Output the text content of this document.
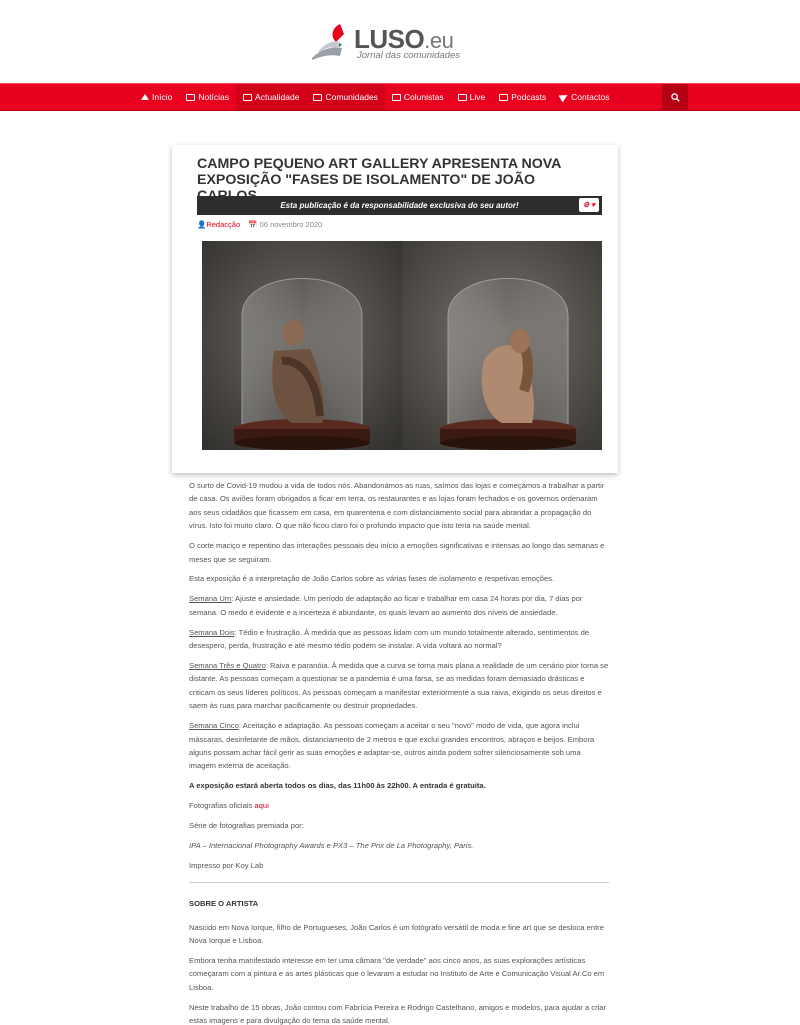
LUSO.eu
Jornal das comunidades
Início	Notícias	Actualidade	Comunidades	Colunistas	Live	Podcasts	Contactos
CAMPO PEQUENO ART GALLERY APRESENTA NOVA EXPOSIÇÃO "FASES DE ISOLAMENTO" DE JOÃO
Esta publicação é da responsabilidade exclusiva do seu autor!	⚙ ▾
👤Redacção 📅 06 novembro 2020

O surto de Covid-19 mudou a vida de todos nós. Abandonámos as ruas, saímos das lojas e começámos a trabalhar a partir de casa. Os aviões foram obrigados a ficar em terra, os restaurantes e as lojas foram fechados e os governos ordenaram aos seus cidadãos que ficassem em casa, em quarentena e com distanciamento social para abrandar a propagação do vírus. Isto foi muito claro. O que não ficou claro foi o profundo impacto que isto teria na saúde mental.

O corte maciço e repentino das interações pessoais deu início a emoções significativas e intensas ao longo das semanas e meses que se seguiram.

Esta exposição é a interpretação de João Carlos sobre as várias fases de isolamento e respetivas emoções.

Semana Um: Ajuste e ansiedade. Um período de adaptação ao ficar e trabalhar em casa 24 horas por dia, 7 dias por semana. O medo é evidente e a incerteza é abundante, os quais levam ao aumento dos níveis de ansiedade.

Semana Dois: Tédio e frustração. À medida que as pessoas lidam com um mundo totalmente alterado, sentimentos de desespero, perda, frustração e até mesmo tédio podem se instalar. A vida voltará ao normal?

Semana Três e Quatro: Raiva e paranóia. À medida que a curva se torna mais plana a realidade de um cenário pior torna se distante. As pessoas começam a questionar se a pandemia é uma farsa, se as medidas foram demasiado drásticas e criticam os seus líderes políticos. As pessoas começam a manifestar exteriormente a sua raiva, exigindo os seus direitos e saem às ruas para marchar pacificamente ou destruir propriedades.

Semana Cinco: Aceitação e adaptação. As pessoas começam a aceitar o seu "novo" modo de vida, que agora inclui máscaras, desinfetante de mãos, distanciamento de 2 metros e que exclui grandes encontros, abraços e beijos. Embora alguns possam achar fácil gerir as suas emoções e adaptar-se, outros ainda podem sofrer silenciosamente sob uma imagem externa de aceitação.

A exposição estará aberta todos os dias, das 11h00 às 22h00. A entrada é gratuita.

Fotografias oficiais aqui

Série de fotografias premiada por:

IPA – Internacional Photography Awards e PX3 – The Prix de La Photography, Paris.

Impresso por Koy Lab

SOBRE O ARTISTA

Nascido em Nova Iorque, filho de Portugueses, João Carlos é um fotógrafo versátil de moda e fine art que se desloca entre Nova Iorque e Lisboa.

Embora tenha manifestado interesse em ter uma câmara "de verdade" aos cinco anos, as suas explorações artísticas começaram com a pintura e as artes plásticas que o levaram a estudar no Instituto de Arte e Comunicação Visual Ar.Co em Lisboa.

Neste trabalho de 15 obras, João contou com Fabrícia Pereira e Rodrigo Castelhano, amigos e modelos, para ajudar a criar estas imagens e para divulgação do tema da saúde mental.
